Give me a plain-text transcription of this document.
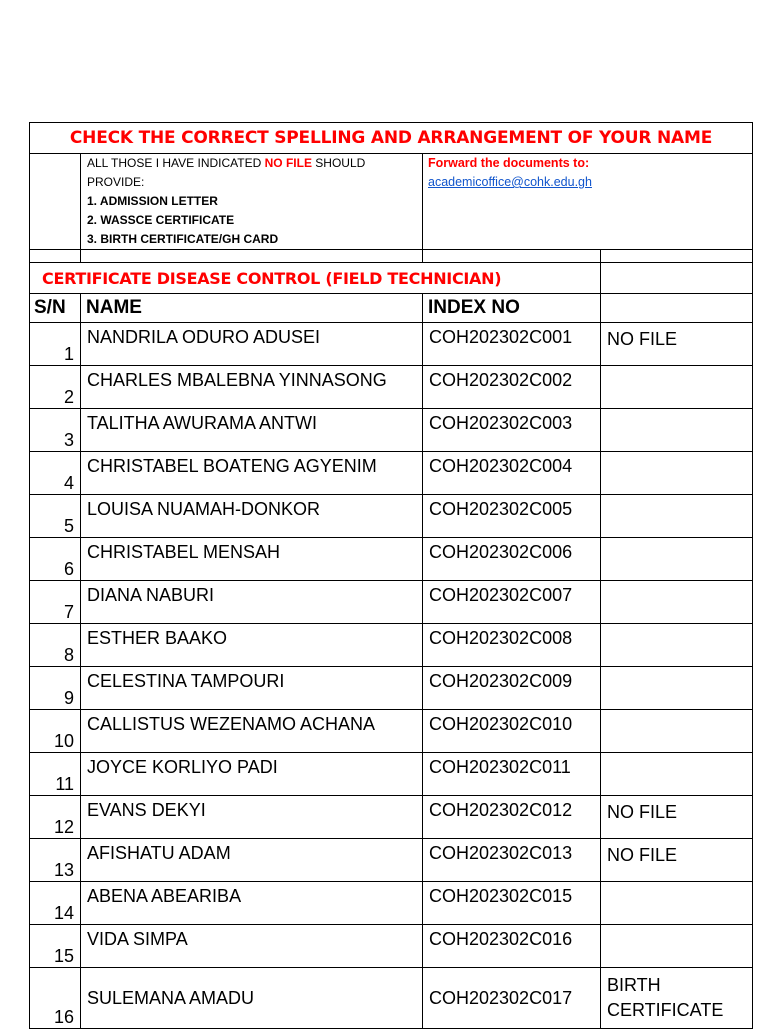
CHECK THE CORRECT SPELLING AND ARRANGEMENT OF YOUR NAME			

	ALL THOSE I HAVE INDICATED NO FILE SHOULD
PROVIDE:
1. ADMISSION LETTER
2. WASSCE CERTIFICATE
3. BIRTH CERTIFICATE/GH CARD	Forward the documents to:
academicoffice@cohk.edu.gh	

CERTIFICATE DISEASE CONTROL (FIELD TECHNICIAN)			
S/N	NAME	INDEX NO	
1	NANDRILA ODURO ADUSEI	COH202302C001	NO FILE
2	CHARLES MBALEBNA YINNASONG	COH202302C002	
3	TALITHA AWURAMA ANTWI	COH202302C003	
4	CHRISTABEL BOATENG AGYENIM	COH202302C004	
5	LOUISA NUAMAH-DONKOR	COH202302C005	
6	CHRISTABEL MENSAH	COH202302C006	
7	DIANA NABURI	COH202302C007	
8	ESTHER BAAKO	COH202302C008	
9	CELESTINA TAMPOURI	COH202302C009	
10	CALLISTUS WEZENAMO ACHANA	COH202302C010	
11	JOYCE KORLIYO PADI	COH202302C011	
12	EVANS DEKYI	COH202302C012	NO FILE
13	AFISHATU ADAM	COH202302C013	NO FILE
14	ABENA ABEARIBA	COH202302C015	
15	VIDA SIMPA	COH202302C016	
16	SULEMANA AMADU	COH202302C017	BIRTH CERTIFICATE
